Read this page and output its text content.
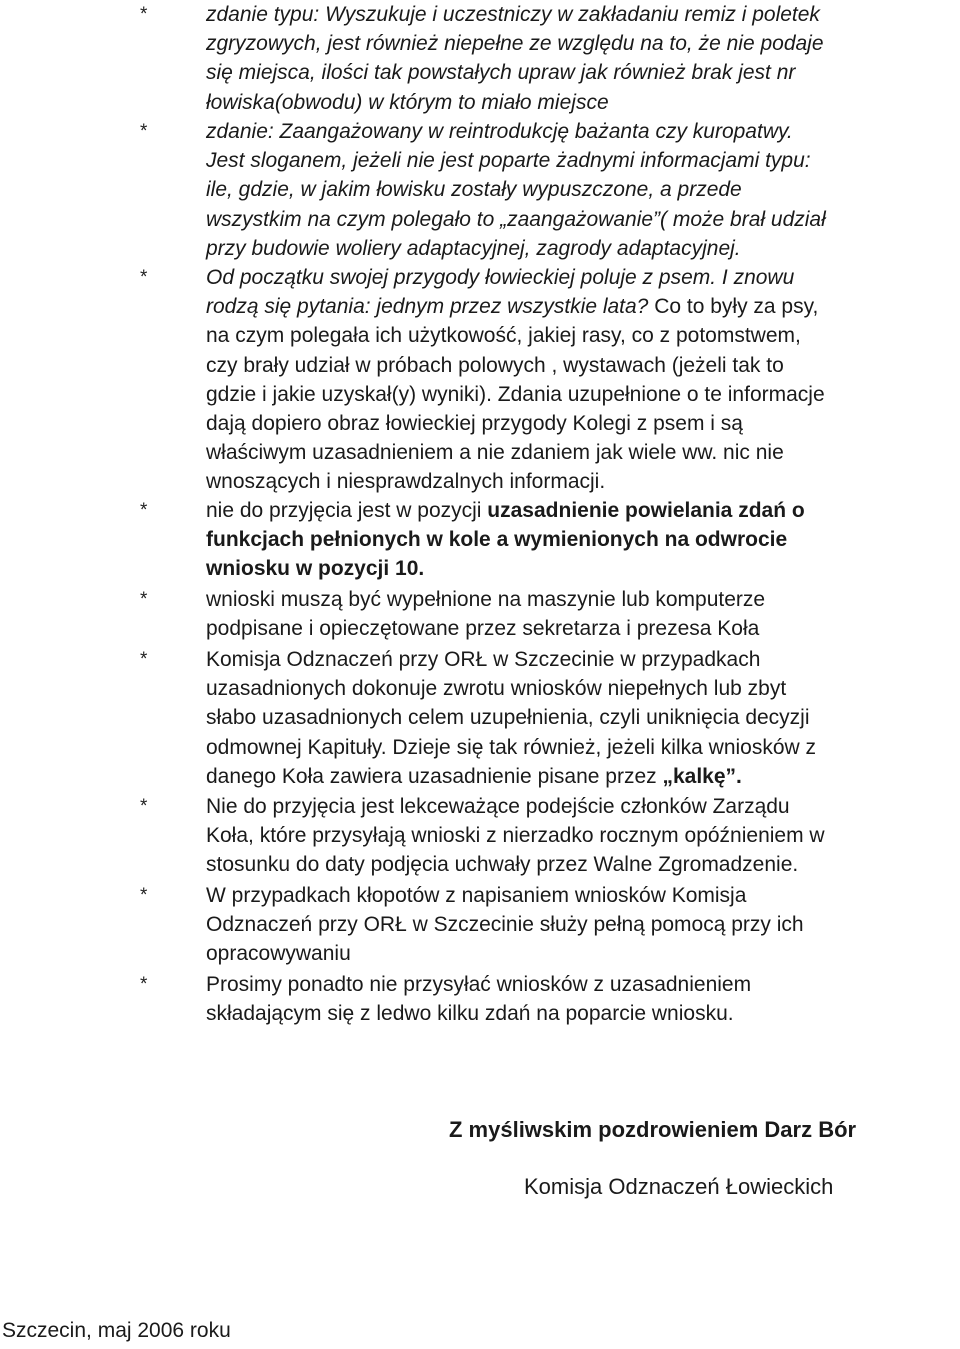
*	zdanie typu: Wyszukuje i uczestniczy w zakładaniu remiz i poletek
zgryzowych, jest również niepełne ze względu na to, że nie podaje
się miejsca, ilości tak powstałych upraw jak również brak jest nr
łowiska(obwodu) w którym to miało miejsce

*	zdanie: Zaangażowany w reintrodukcję bażanta czy kuropatwy.
Jest sloganem, jeżeli nie jest poparte żadnymi informacjami typu:
ile, gdzie, w jakim łowisku zostały wypuszczone, a przede
wszystkim na czym polegało to „zaangażowanie”( może brał udział
przy budowie woliery adaptacyjnej, zagrody adaptacyjnej.

*	Od początku swojej przygody łowieckiej poluje z psem. I znowu
rodzą się pytania: jednym przez wszystkie lata? Co to były za psy,
na czym polegała ich użytkowość, jakiej rasy, co z potomstwem,
czy brały udział w próbach polowych , wystawach (jeżeli tak to
gdzie i jakie uzyskał(y) wyniki). Zdania uzupełnione o te informacje
dają dopiero obraz łowieckiej przygody Kolegi z psem i są
właściwym uzasadnieniem a nie zdaniem jak wiele ww. nic nie
wnoszących i niesprawdzalnych informacji.

*	nie do przyjęcia jest w pozycji uzasadnienie powielania zdań o
funkcjach pełnionych w kole a wymienionych na odwrocie
wniosku w pozycji 10.

*	wnioski muszą być wypełnione na maszynie lub komputerze
podpisane i opieczętowane przez sekretarza i prezesa Koła

*	Komisja Odznaczeń przy ORŁ w Szczecinie w przypadkach
uzasadnionych dokonuje zwrotu wniosków niepełnych lub zbyt
słabo uzasadnionych celem uzupełnienia, czyli uniknięcia decyzji
odmownej Kapituły. Dzieje się tak również, jeżeli kilka wniosków z
danego Koła zawiera uzasadnienie pisane przez „kalkę”.

*	Nie do przyjęcia jest lekceważące podejście członków Zarządu
Koła, które przysyłają wnioski z nierzadko rocznym opóźnieniem w
stosunku do daty podjęcia uchwały przez Walne Zgromadzenie.

*	W przypadkach kłopotów z napisaniem wniosków Komisja
Odznaczeń przy ORŁ w Szczecinie służy pełną pomocą przy ich
opracowywaniu

*	Prosimy ponadto nie przysyłać wniosków z uzasadnieniem
składającym się z ledwo kilku zdań na poparcie wniosku.

Z myśliwskim pozdrowieniem Darz Bór
Komisja Odznaczeń Łowieckich
Szczecin, maj 2006 roku
